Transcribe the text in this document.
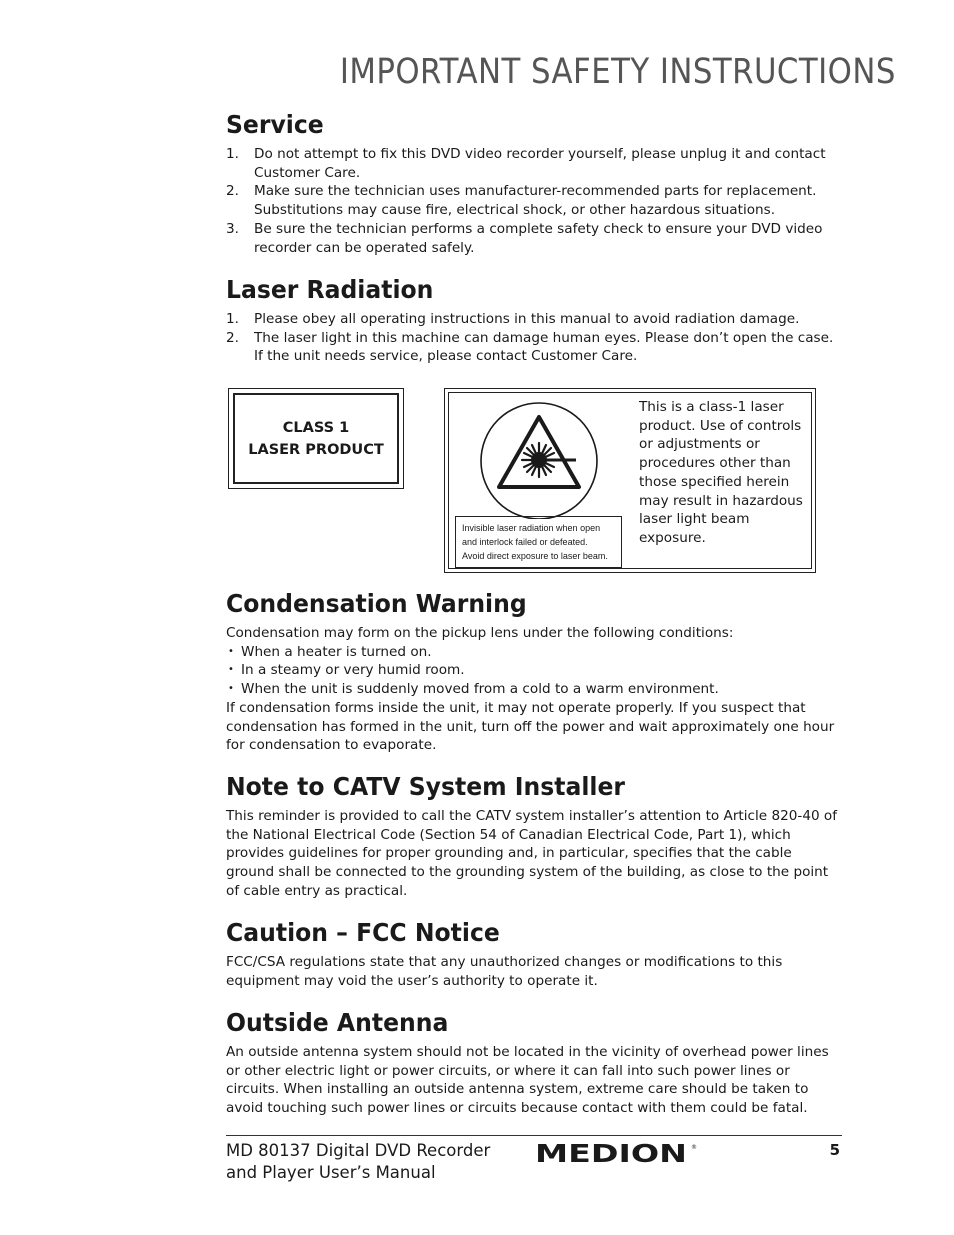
IMPORTANT SAFETY INSTRUCTIONS
Service
1. Do not attempt to fix this DVD video recorder yourself, please unplug it and contact Customer Care.
2. Make sure the technician uses manufacturer-recommended parts for replacement. Substitutions may cause fire, electrical shock, or other hazardous situations.
3. Be sure the technician performs a complete safety check to ensure your DVD video recorder can be operated safely.
Laser Radiation
1. Please obey all operating instructions in this manual to avoid radiation damage.
2. The laser light in this machine can damage human eyes. Please don’t open the case. If the unit needs service, please contact Customer Care.
Condensation Warning
Condensation may form on the pickup lens under the following conditions:
• When a heater is turned on.
• In a steamy or very humid room.
• When the unit is suddenly moved from a cold to a warm environment.
If condensation forms inside the unit, it may not operate properly. If you suspect that condensation has formed in the unit, turn off the power and wait approximately one hour for condensation to evaporate.
Note to CATV System Installer

This reminder is provided to call the CATV system installer’s attention to Article 820-40 of the National Electrical Code (Section 54 of Canadian Electrical Code, Part 1), which provides guidelines for proper grounding and, in particular, specifies that the cable ground shall be connected to the grounding system of the building, as close to the point of cable entry as practical.

Caution – FCC Notice

FCC/CSA regulations state that any unauthorized changes or modifications to this equipment may void the user’s authority to operate it.

Outside Antenna

An outside antenna system should not be located in the vicinity of overhead power lines or other electric light or power circuits, or where it can fall into such power lines or circuits. When installing an outside antenna system, extreme care should be taken to avoid touching such power lines or circuits because contact with them could be fatal.

CLASS 1
LASER PRODUCT
Invisible laser radiation when open
and interlock failed or defeated.
Avoid direct exposure to laser beam.

This is a class-1 laser product. Use of controls or adjustments or procedures other than those specified herein may result in hazardous laser light beam exposure.

MD 80137 Digital DVD Recorder
and Player User’s Manual
MEDION ®	5
